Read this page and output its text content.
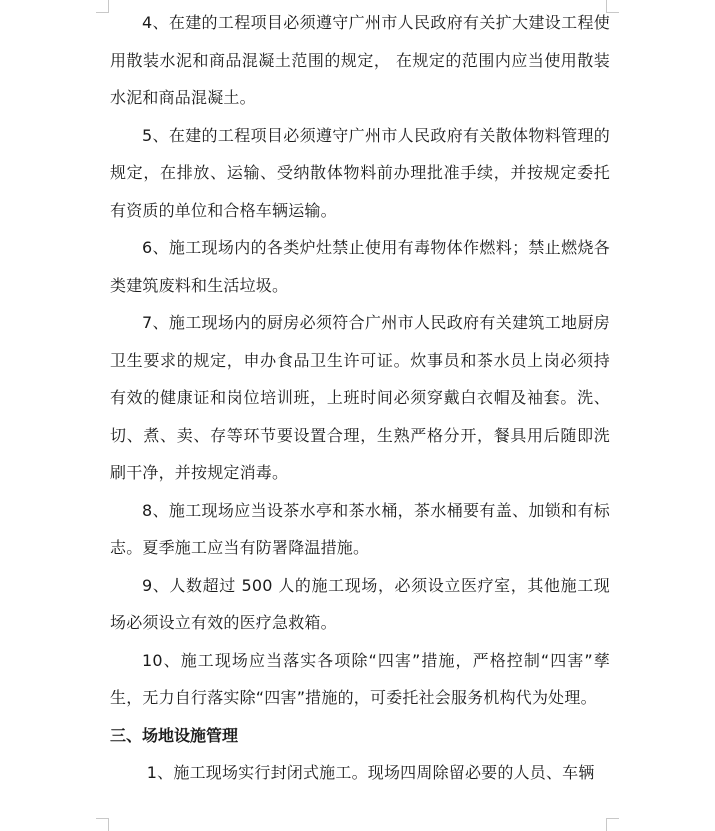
4、在建的工程项目必须遵守广州市人民政府有关扩大建设工程使用散装水泥和商品混凝土范围的规定， 在规定的范围内应当使用散装水泥和商品混凝土。

5、在建的工程项目必须遵守广州市人民政府有关散体物料管理的规定，在排放、运输、受纳散体物料前办理批准手续，并按规定委托有资质的单位和合格车辆运输。

6、施工现场内的各类炉灶禁止使用有毒物体作燃料；禁止燃烧各类建筑废料和生活垃圾。

7、施工现场内的厨房必须符合广州市人民政府有关建筑工地厨房卫生要求的规定，申办食品卫生许可证。炊事员和茶水员上岗必须持有效的健康证和岗位培训班，上班时间必须穿戴白衣帽及袖套。洗、切、煮、卖、存等环节要设置合理，生熟严格分开，餐具用后随即洗刷干净，并按规定消毒。

8、施工现场应当设茶水亭和茶水桶，茶水桶要有盖、加锁和有标志。夏季施工应当有防署降温措施。

9、人数超过 500 人的施工现场，必须设立医疗室，其他施工现场必须设立有效的医疗急救箱。

10、施工现场应当落实各项除“四害”措施，严格控制“四害”孳生，无力自行落实除“四害”措施的，可委托社会服务机构代为处理。

三、场地设施管理

1、施工现场实行封闭式施工。现场四周除留必要的人员、车辆
